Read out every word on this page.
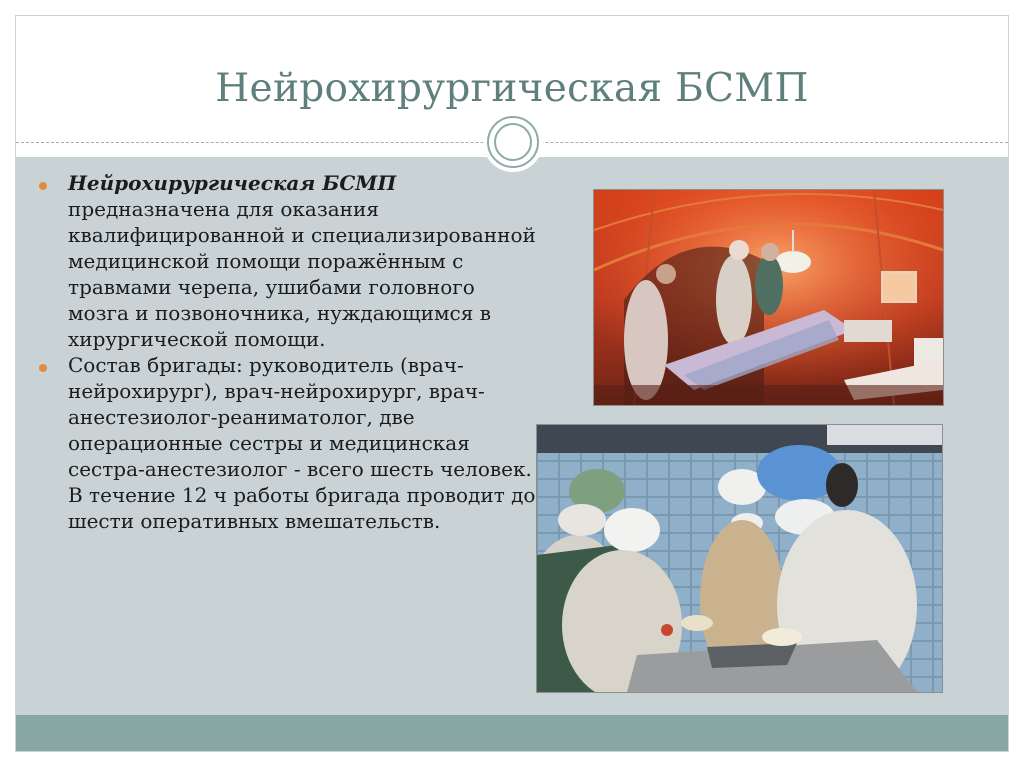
Нейрохирургическая БСМП
Нейрохирургическая БСМП предназначена для оказания квалифицированной и специализированной медицинской помощи поражённым с травмами черепа, ушибами головного мозга и позвоночника, нуждающимся в хирургической помощи.
Состав бригады: руководитель (врач-нейрохирург), врач-нейрохирург, врач-анестезиолог-реаниматолог, две операционные сестры и медицинская сестра-анестезиолог - всего шесть человек. В течение 12 ч работы бригада проводит до шести оперативных вмешательств.
